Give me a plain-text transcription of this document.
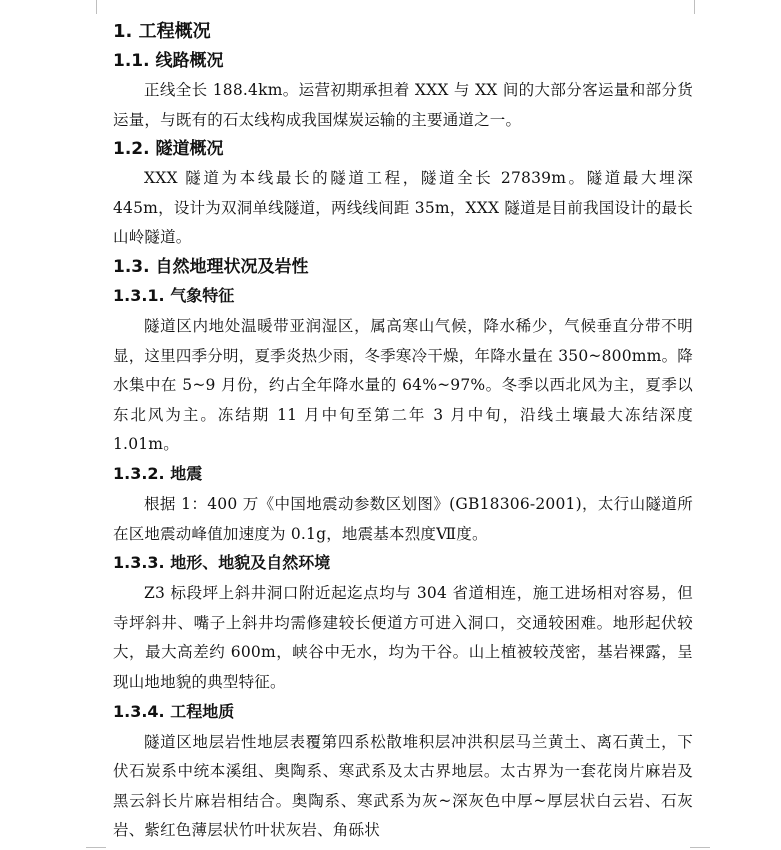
1. 工程概况
1.1. 线路概况

正线全长 188.4km。运营初期承担着 XXX 与 XX 间的大部分客运量和部分货运量，与既有的石太线构成我国煤炭运输的主要通道之一。

1.2. 隧道概况

XXX 隧道为本线最长的隧道工程，隧道全长 27839m。隧道最大埋深 445m，设计为双洞单线隧道，两线线间距 35m，XXX 隧道是目前我国设计的最长山岭隧道。

1.3. 自然地理状况及岩性
1.3.1. 气象特征

隧道区内地处温暖带亚润湿区，属高寒山气候，降水稀少，气候垂直分带不明显，这里四季分明，夏季炎热少雨，冬季寒冷干燥，年降水量在 350~800mm。降水集中在 5~9 月份，约占全年降水量的 64%~97%。冬季以西北风为主，夏季以东北风为主。冻结期 11 月中旬至第二年 3 月中旬，沿线土壤最大冻结深度 1.01m。

1.3.2. 地震

根据 1：400 万《中国地震动参数区划图》(GB18306-2001)，太行山隧道所在区地震动峰值加速度为 0.1g，地震基本烈度Ⅶ度。

1.3.3. 地形、地貌及自然环境

Z3 标段坪上斜井洞口附近起迄点均与 304 省道相连，施工进场相对容易，但寺坪斜井、嘴子上斜井均需修建较长便道方可进入洞口，交通较困难。地形起伏较大，最大高差约 600m，峡谷中无水，均为干谷。山上植被较茂密，基岩裸露，呈现山地地貌的典型特征。

1.3.4. 工程地质

隧道区地层岩性地层表覆第四系松散堆积层冲洪积层马兰黄土、离石黄土，下伏石炭系中统本溪组、奥陶系、寒武系及太古界地层。太古界为一套花岗片麻岩及黑云斜长片麻岩相结合。奥陶系、寒武系为灰~深灰色中厚~厚层状白云岩、石灰岩、紫红色薄层状竹叶状灰岩、角砾状
